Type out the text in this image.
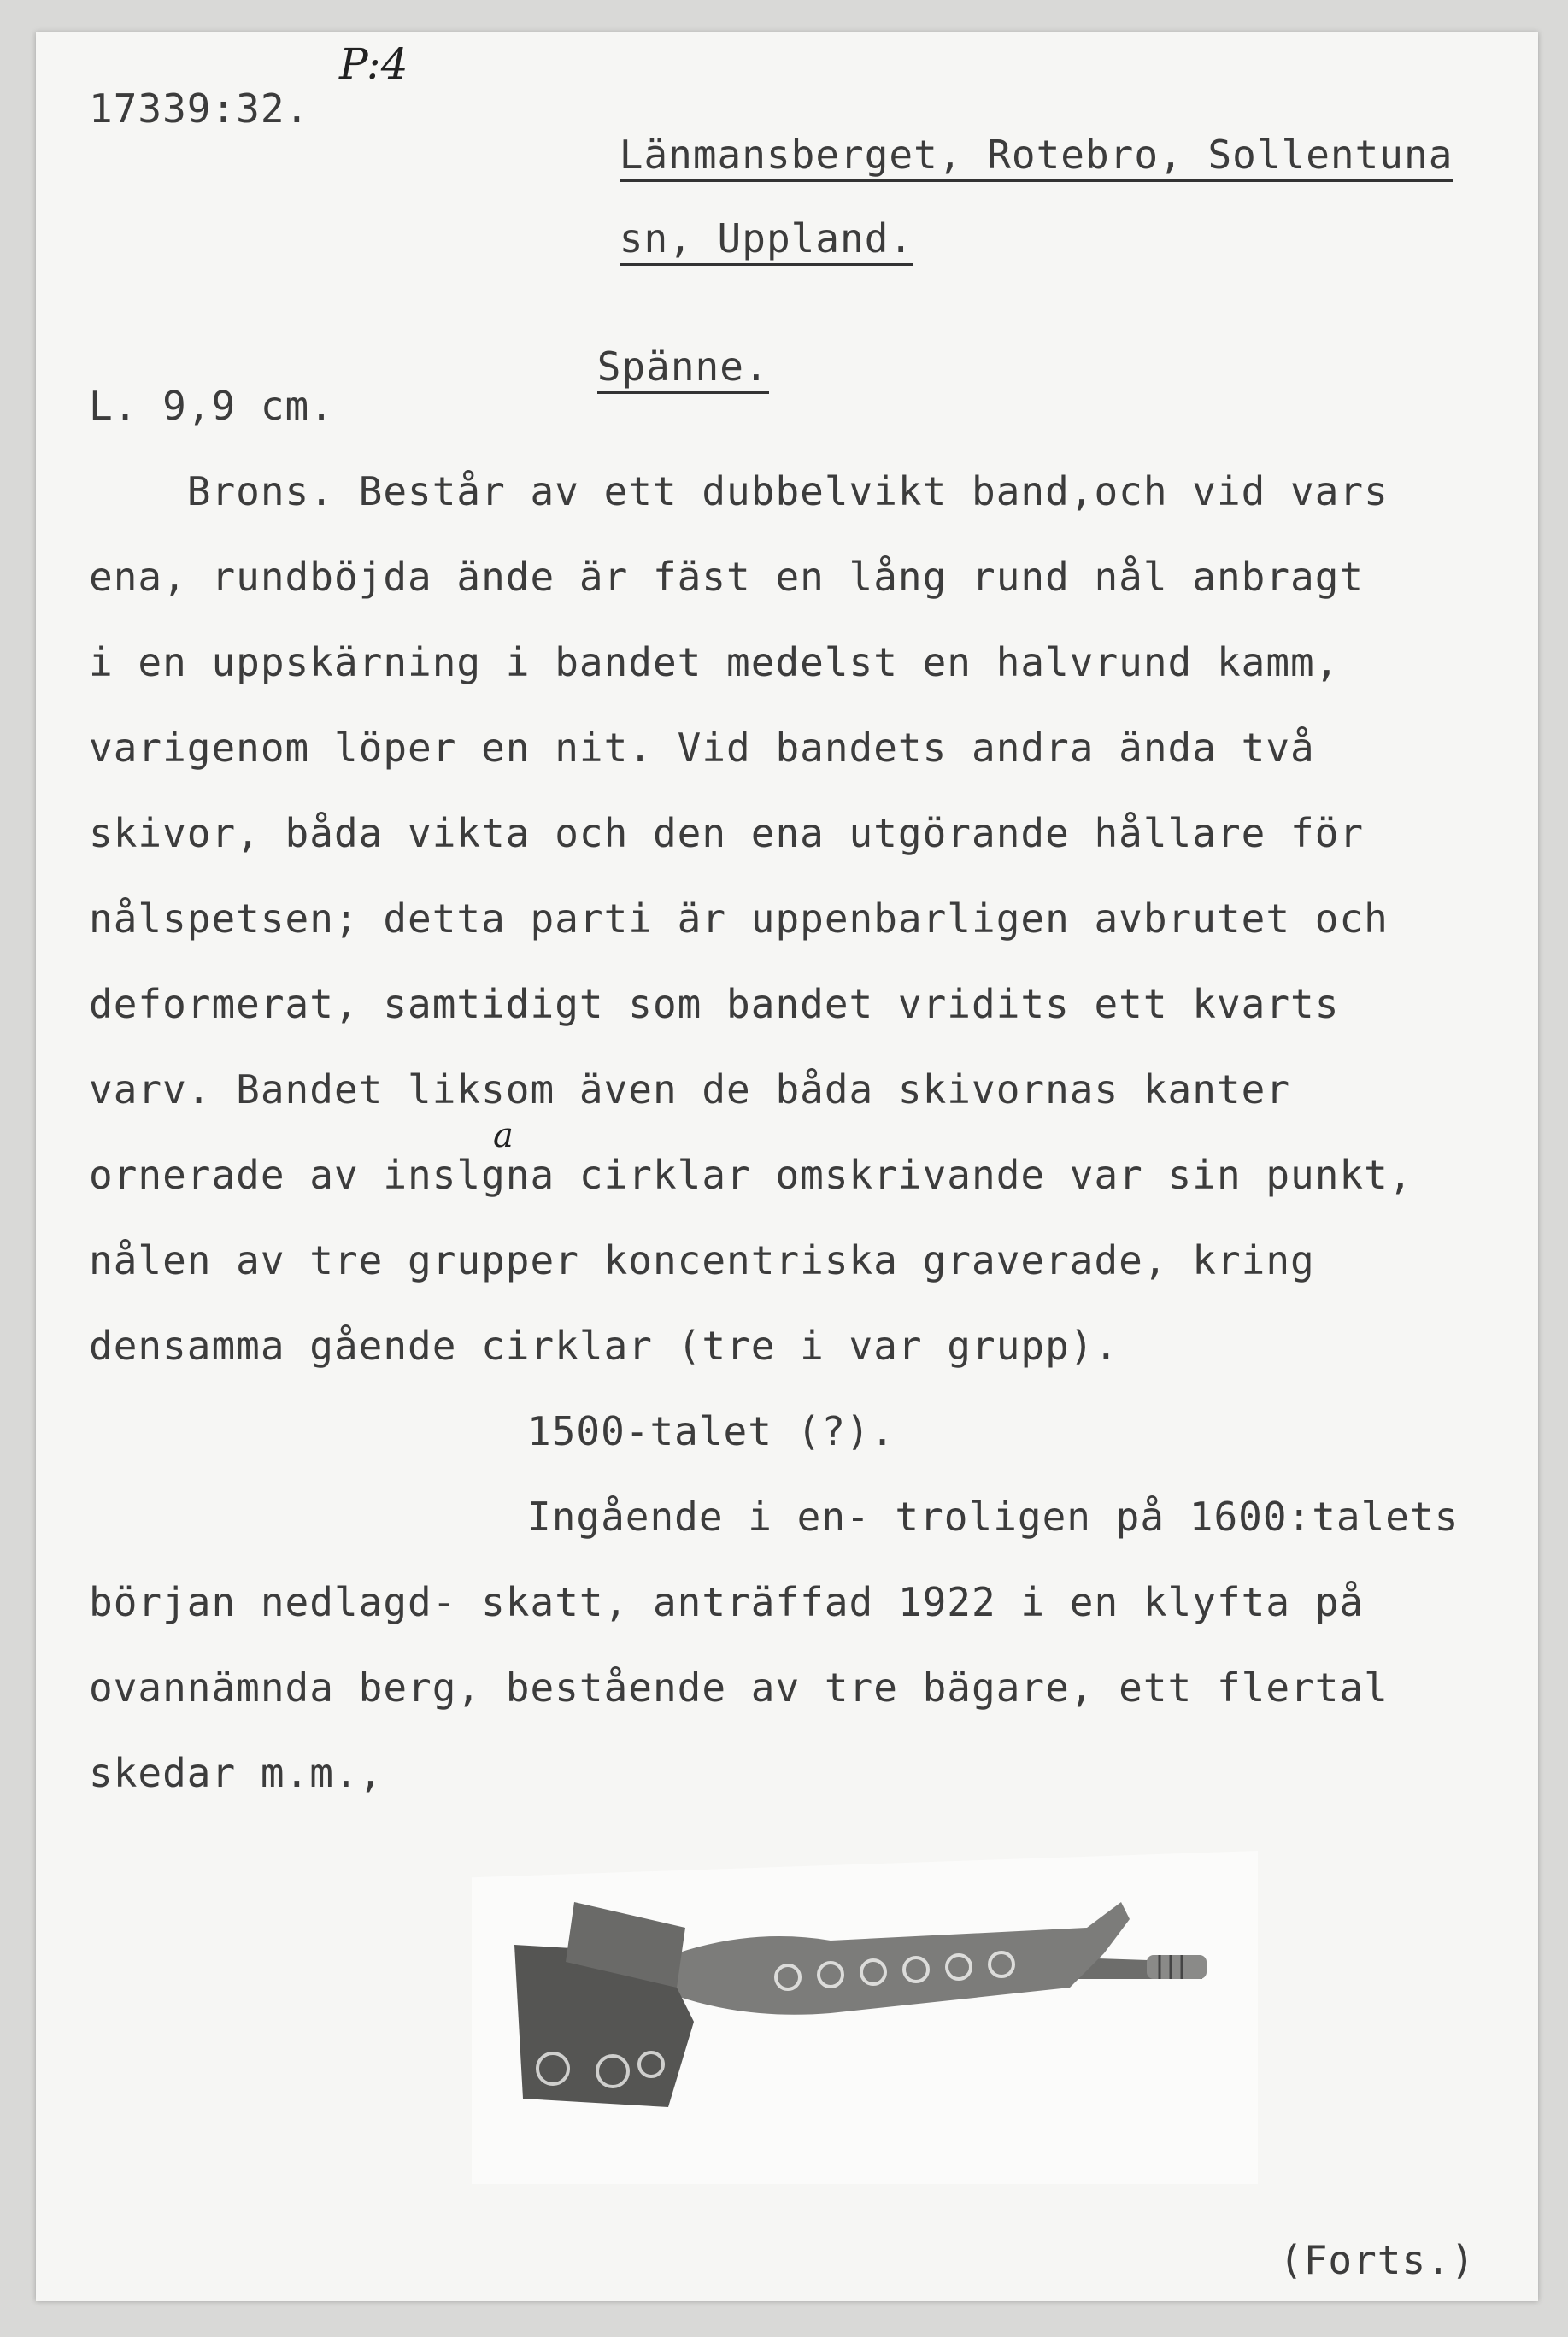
P:4
17339:32.

Länmansberget, Rotebro, Sollentuna

sn, Uppland.

Spänne.

L. 9,9 cm.
Brons. Består av ett dubbelvikt band,och vid vars
ena, rundböjda ände är fäst en lång rund nål anbragt
i en uppskärning i bandet medelst en halvrund kamm,
varigenom löper en nit. Vid bandets andra ända två
skivor, båda vikta och den ena utgörande hållare för
nålspetsen; detta parti är uppenbarligen avbrutet och
deformerat, samtidigt som bandet vridits ett kvarts
varv. Bandet liksom även de båda skivornas kanter
a
ornerade av inslgna cirklar omskrivande var sin punkt,
nålen av tre grupper koncentriska graverade, kring
densamma gående cirklar (tre i var grupp).
1500-talet (?).
Ingående i en- troligen på 1600:talets
början nedlagd- skatt, anträffad 1922 i en klyfta på
ovannämnda berg, bestående av tre bägare, ett flertal
skedar m.m.,
(Forts.)
